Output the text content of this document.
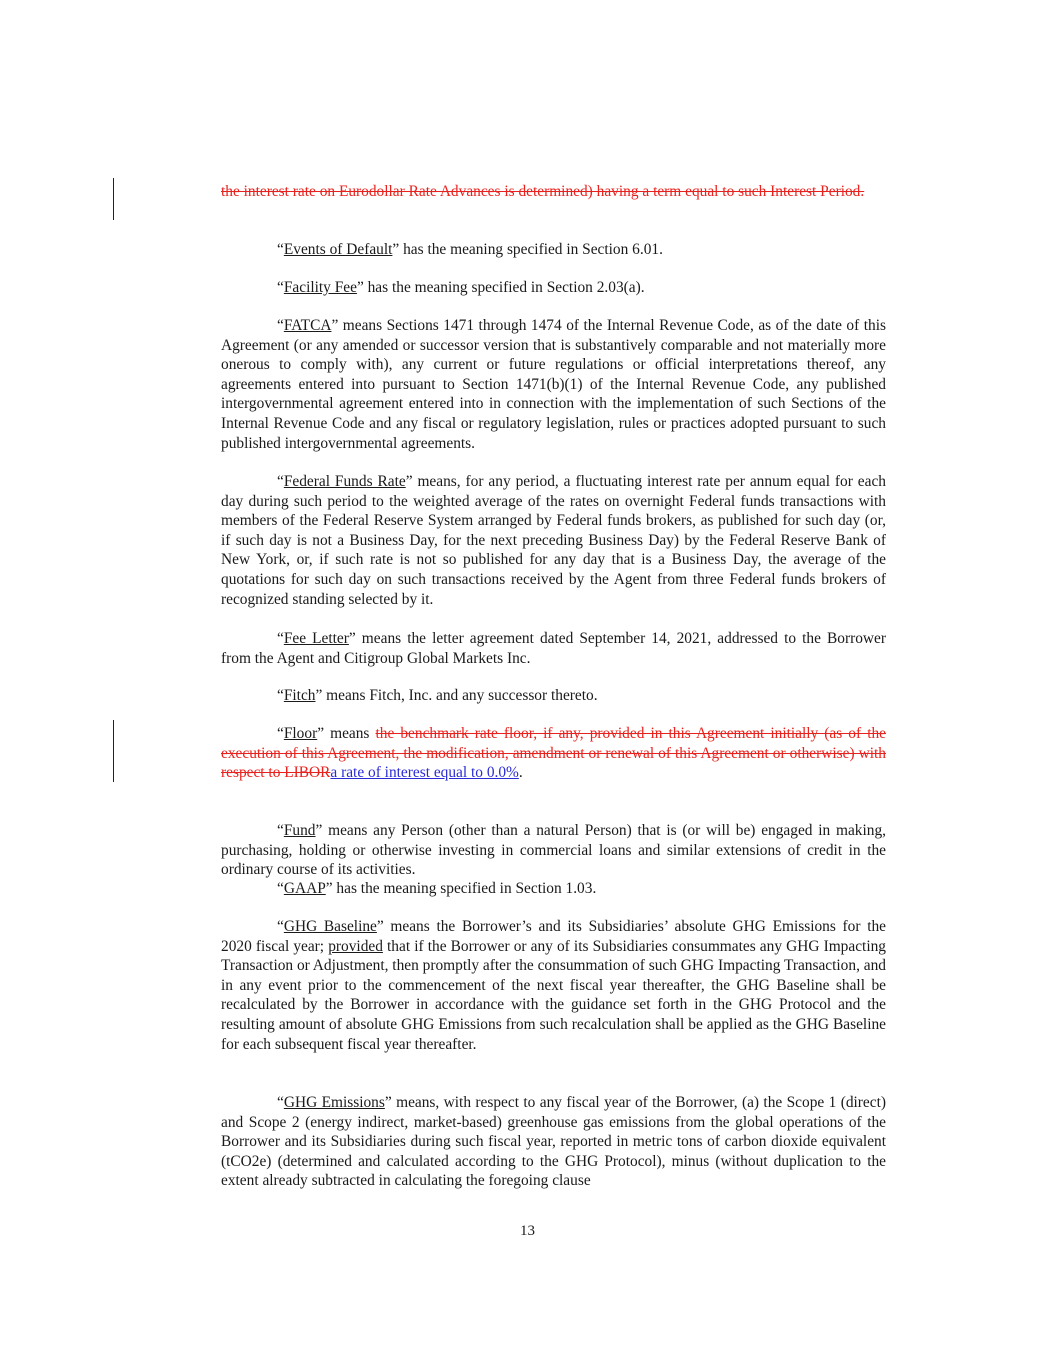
the interest rate on Eurodollar Rate Advances is determined) having a term equal to such Interest Period.

“Events of Default” has the meaning specified in Section 6.01.

“Facility Fee” has the meaning specified in Section 2.03(a).

“FATCA” means Sections 1471 through 1474 of the Internal Revenue Code, as of the date of this Agreement (or any amended or successor version that is substantively comparable and not materially more onerous to comply with), any current or future regulations or official interpretations thereof, any agreements entered into pursuant to Section 1471(b)(1) of the Internal Revenue Code, any published intergovernmental agreement entered into in connection with the implementation of such Sections of the Internal Revenue Code and any fiscal or regulatory legislation, rules or practices adopted pursuant to such published intergovernmental agreements.

“Federal Funds Rate” means, for any period, a fluctuating interest rate per annum equal for each day during such period to the weighted average of the rates on overnight Federal funds transactions with members of the Federal Reserve System arranged by Federal funds brokers, as published for such day (or, if such day is not a Business Day, for the next preceding Business Day) by the Federal Reserve Bank of New York, or, if such rate is not so published for any day that is a Business Day, the average of the quotations for such day on such transactions received by the Agent from three Federal funds brokers of recognized standing selected by it.

“Fee Letter” means the letter agreement dated September 14, 2021, addressed to the Borrower from the Agent and Citigroup Global Markets Inc.

“Fitch” means Fitch, Inc. and any successor thereto.

“Floor” means the benchmark rate floor, if any, provided in this Agreement initially (as of the execution of this Agreement, the modification, amendment or renewal of this Agreement or otherwise) with respect to LIBORa rate of interest equal to 0.0%.

“Fund” means any Person (other than a natural Person) that is (or will be) engaged in making, purchasing, holding or otherwise investing in commercial loans and similar extensions of credit in the ordinary course of its activities.

“GAAP” has the meaning specified in Section 1.03.

“GHG Baseline” means the Borrower’s and its Subsidiaries’ absolute GHG Emissions for the 2020 fiscal year; provided that if the Borrower or any of its Subsidiaries consummates any GHG Impacting Transaction or Adjustment, then promptly after the consummation of such GHG Impacting Transaction, and in any event prior to the commencement of the next fiscal year thereafter, the GHG Baseline shall be recalculated by the Borrower in accordance with the guidance set forth in the GHG Protocol and the resulting amount of absolute GHG Emissions from such recalculation shall be applied as the GHG Baseline for each subsequent fiscal year thereafter.

“GHG Emissions” means, with respect to any fiscal year of the Borrower, (a) the Scope 1 (direct) and Scope 2 (energy indirect, market-based) greenhouse gas emissions from the global operations of the Borrower and its Subsidiaries during such fiscal year, reported in metric tons of carbon dioxide equivalent (tCO2e) (determined and calculated according to the GHG Protocol), minus (without duplication to the extent already subtracted in calculating the foregoing clause

13
